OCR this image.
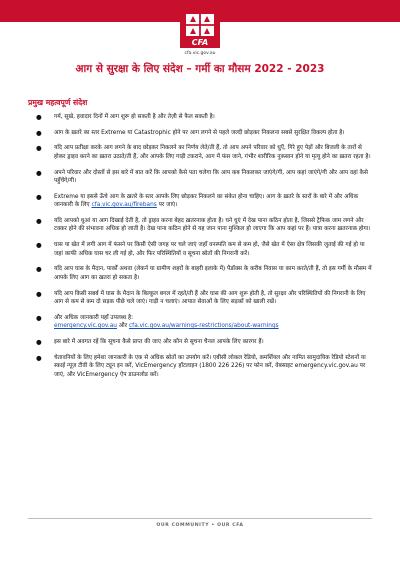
CFA
cfa.vic.gov.au
आग से सुरक्षा के लिए संदेश – गर्मी का मौसम 2022 - 2023
प्रमुख महत्वपूर्ण संदेश
● गर्म, सूखे, हवादार दिनों में आग शुरू हो सकती है और तेज़ी से फैल सकती है।
● आग के ख़तरे का स्तर Extreme या Catastrophic होने पर आग लगने से पहले जल्दी छोड़कर निकलना सबसे सुरक्षित विकल्प होता है।
● यदि आप प्रतीक्षा करके आग लगने के बाद छोड़कर निकलने का निर्णय लेते/ती हैं, तो आप अपने परिवार को धुएँ, गिरे हुए पेड़ों और बिजली के तारों से होकर ड्राइव करने का ख़तरा उठाते/ती हैं, और आपके लिए गाड़ी टकराने, आग में फंस जाने, गंभीर शारीरिक नुकसान होने या मृत्यु होने का ख़तरा रहता है।
● अपने परिवार और दोस्तों से इस बारे में बात करें कि आपको कैसे पता चलेगा कि आप कब निकलकर जाएंगे/गी, आप कहां जाएंगे/गी और आप वहां कैसे पहुँचेंगे/गी।
● Extreme या इससे ऊँचे आग के ख़तरे के स्तर आपके लिए छोड़कर निकलने का संकेत होना चाहिए। आग के ख़तरे के स्तरों के बारे में और अधिक जानकारी के लिए cfa.vic.gov.au/firebans पर जाएं।
● यदि आपको धुआं या आग दिखाई देती है, तो ड्राइव करना बेहद ख़तरनाक होता है। घने धुएं में देख पाना कठिन होता है, जिससे ट्रैफिक जाम लगने और टक्कर होने की संभावना अधिक हो जाती है। देख पाना कठिन होने से यह जान पाना मुश्किल हो जाएगा कि आप कहां पर हैं। यात्रा करना ख़तरनाक होगा।
● घास या खेत में लगी आग में फंसने पर किसी ऐसी जगह पर चले जाएं जहाँ वनस्पति कम से कम हो, जैसे खेत में ऐसा क्षेत्र जिसकी जुताई की गई हो या जहां काफी अधिक घास चर ली गई हो, और फिर परिस्थितियों व सूचना स्रोतों की निगरानी करें।
● यदि आप घास के मैदान, पार्कों अथवा (लेकर्न या ग्रामीण शहरों के बाहरी इलाके में) पैडॉक्स के करीब निवास या काम करते/ती हैं, तो इस गर्मी के मौसम में आपके लिए आग का ख़तरा हो सकता है।
● यदि आप किसी सबर्ब में घास के मैदान के बिल्कुल बगल में रहते/ती हैं और घास की आग शुरू होती है, तो सुरक्षा और परिस्थितियों की निगरानी के लिए आग से कम से कम दो सड़क पीछे चले जाएं। गाड़ी न चलाएं। आपात सेवाओं के लिए सड़कों को खाली रखें।
● और अधिक जानकारी यहाँ उपलब्ध है:
emergency.vic.gov.au और cfa.vic.gov.au/warnings-restrictions/about-warnings
● इस बारे में अवगत रहें कि सूचना कैसे प्राप्त की जाए और कौन से सूचना चैनल आपके लिए कारगर हैं।
● चेतावनियों के लिए हमेशा जानकारी के एक से अधिक स्रोतों का उपयोग करें। एबीसी लोकल रेडियो, कमर्शियल और नामित सामुदायिक रेडियो स्टेशनों या स्काई न्यूज़ टीवी के लिए ट्यून इन करें, VicEmergency हॉटलाइन (1800 226 226) पर फोन करें, वेबसाइट emergency.vic.gov.au पर जाएं, और VicEmergency ऐप डाउनलोड करें।
OUR COMMUNITY • OUR CFA
